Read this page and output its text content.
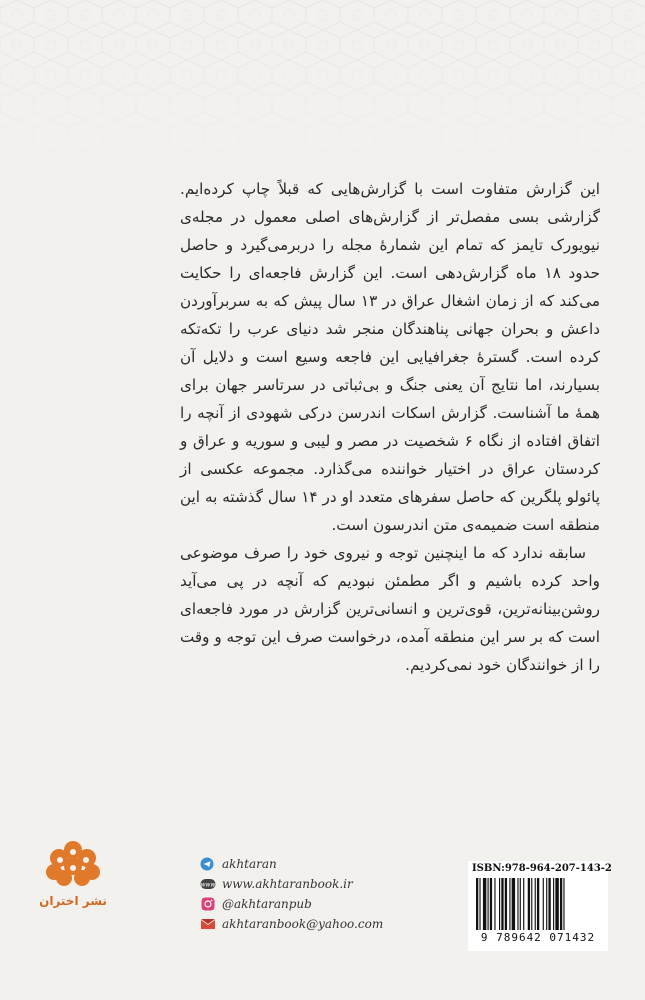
این گزارش متفاوت است با گزارش‌هایی که قبلاً چاپ کرده‌ایم. گزارشی بسی مفصل‌تر از گزارش‌های اصلی معمول در مجله‌ی نیویورک تایمز که تمام این شمارهٔ مجله را دربرمی‌گیرد و حاصل حدود ۱۸ ماه گزارش‌دهی است. این گزارش فاجعه‌ای را حکایت می‌کند که از زمان اشغال عراق در ۱۳ سال پیش که به سربرآوردن داعش و بحران جهانی پناهندگان منجر شد دنیای عرب را تکه‌تکه کرده است. گسترهٔ جغرافیایی این فاجعه وسیع است و دلایل آن بسیارند، اما نتایج آن یعنی جنگ و بی‌ثباتی در سرتاسر جهان برای همهٔ ما آشناست. گزارش اسکات اندرسن درکی شهودی از آنچه را اتفاق افتاده از نگاه ۶ شخصیت در مصر و لیبی و سوریه و عراق و کردستان عراق در اختیار خواننده می‌گذارد. مجموعه عکسی از پائولو پلگرین که حاصل سفرهای متعدد او در ۱۴ سال گذشته به این منطقه است ضمیمه‌ی متن اندرسون است.

سابقه ندارد که ما اینچنین توجه و نیروی خود را صرف موضوعی واحد کرده باشیم و اگر مطمئن نبودیم که آنچه در پی می‌آید روشن‌بینانه‌ترین، قوی‌ترین و انسانی‌ترین گزارش در مورد فاجعه‌ای است که بر سر این منطقه آمده، درخواست صرف این توجه و وقت را از خوانندگان خود نمی‌کردیم.

نشر اختران
akhtaran
www www.akhtaranbook.ir
@akhtaranpub
akhtaranbook@yahoo.com
ISBN:978-964-207-143-2
9 789642 071432
